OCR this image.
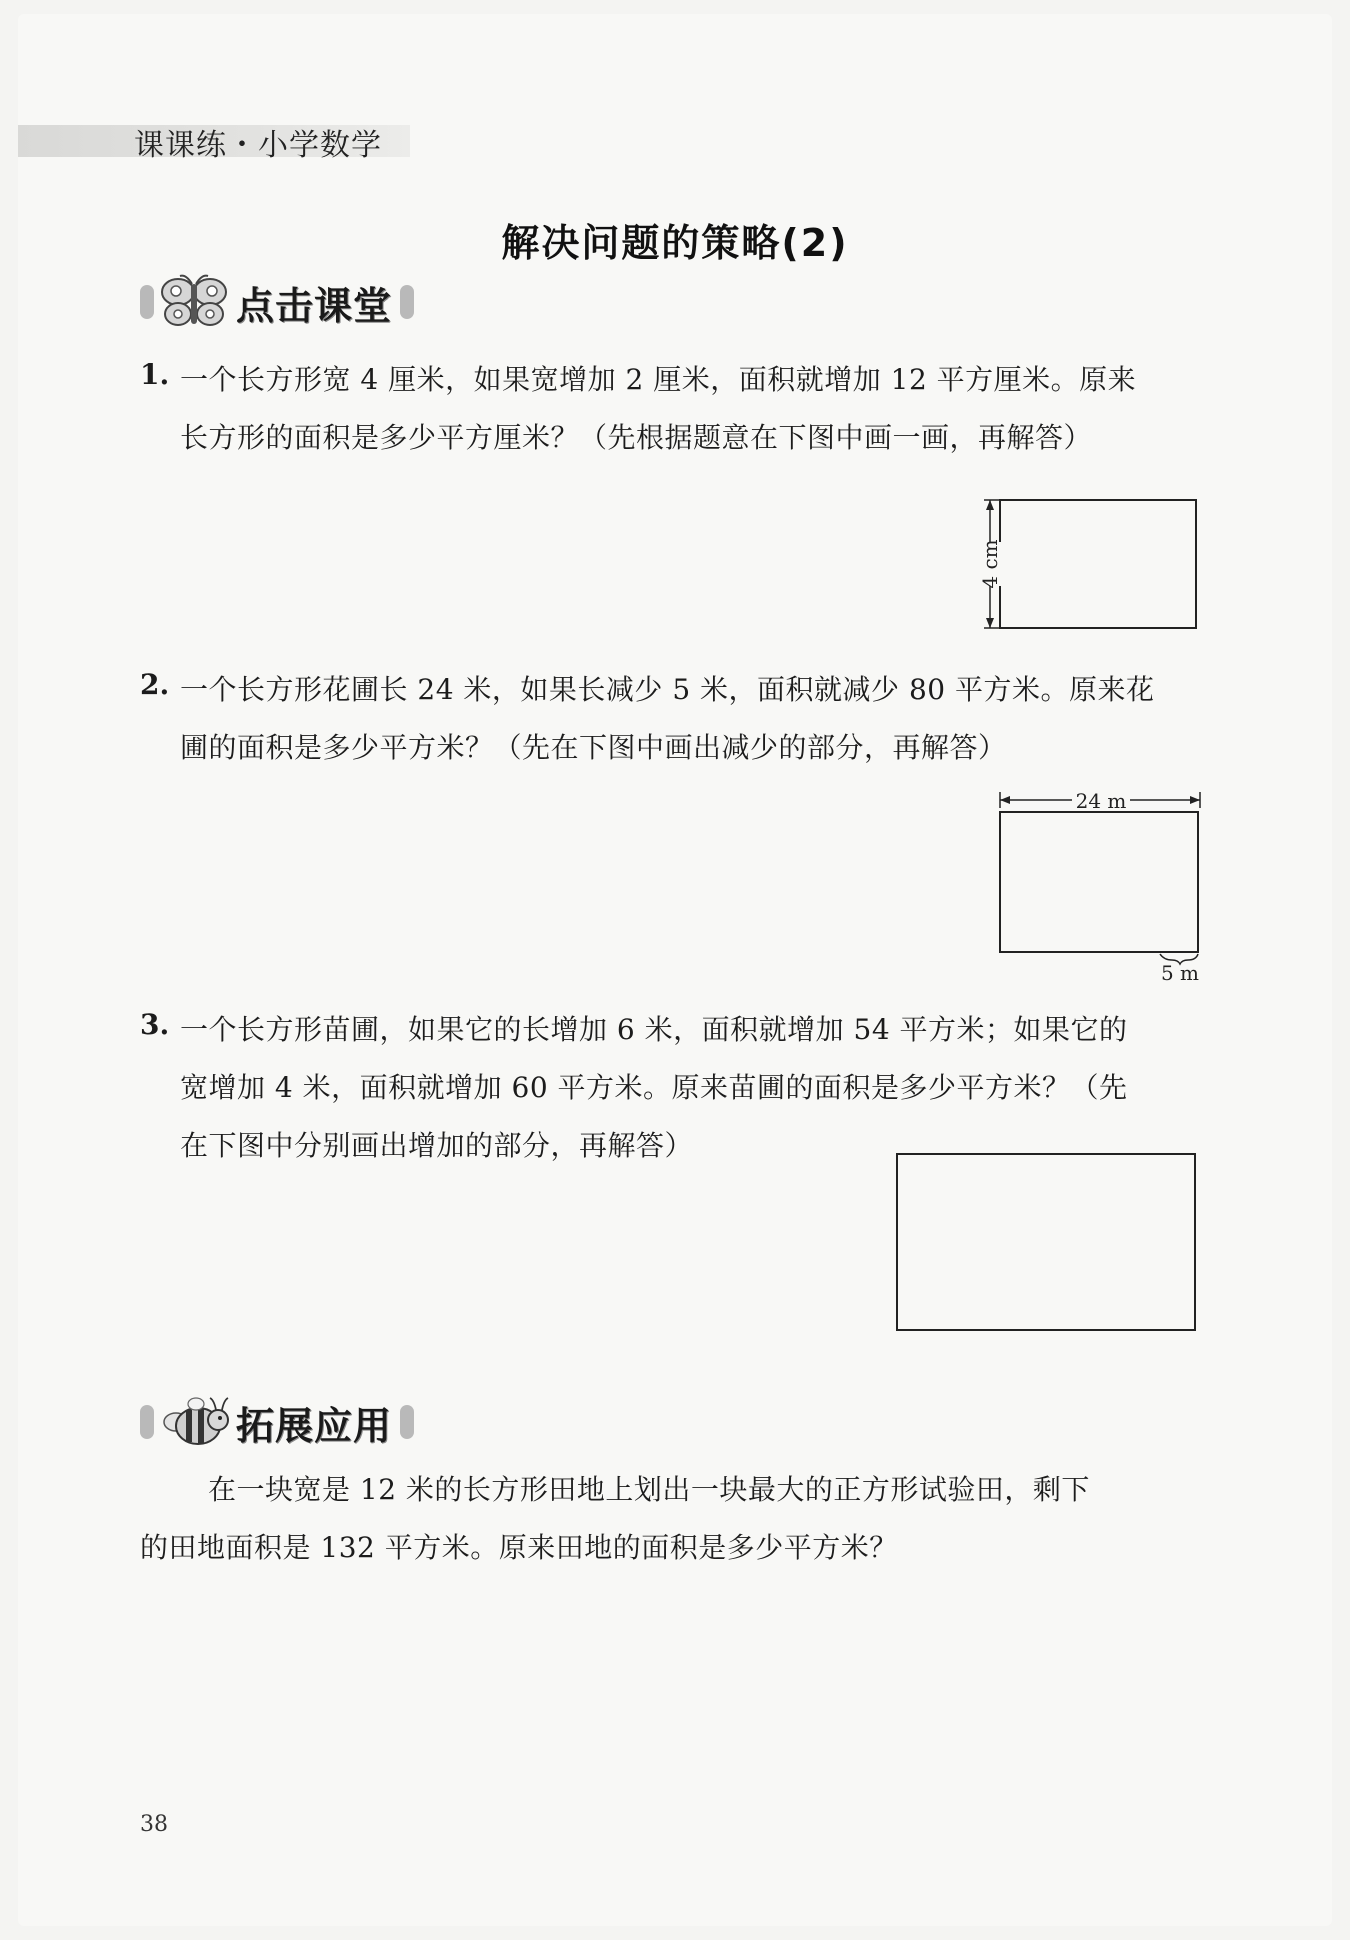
课课练・小学数学
解决问题的策略(2)
点击课堂
1. 一个长方形宽 4 厘米，如果宽增加 2 厘米，面积就增加 12 平方厘米。原来
长方形的面积是多少平方厘米？（先根据题意在下图中画一画，再解答）
4 cm
2. 一个长方形花圃长 24 米，如果长减少 5 米，面积就减少 80 平方米。原来花
圃的面积是多少平方米？（先在下图中画出减少的部分，再解答）
24 m
5 m
3. 一个长方形苗圃，如果它的长增加 6 米，面积就增加 54 平方米；如果它的
宽增加 4 米，面积就增加 60 平方米。原来苗圃的面积是多少平方米？（先
在下图中分别画出增加的部分，再解答）
拓展应用
在一块宽是 12 米的长方形田地上划出一块最大的正方形试验田，剩下
的田地面积是 132 平方米。原来田地的面积是多少平方米？
38
